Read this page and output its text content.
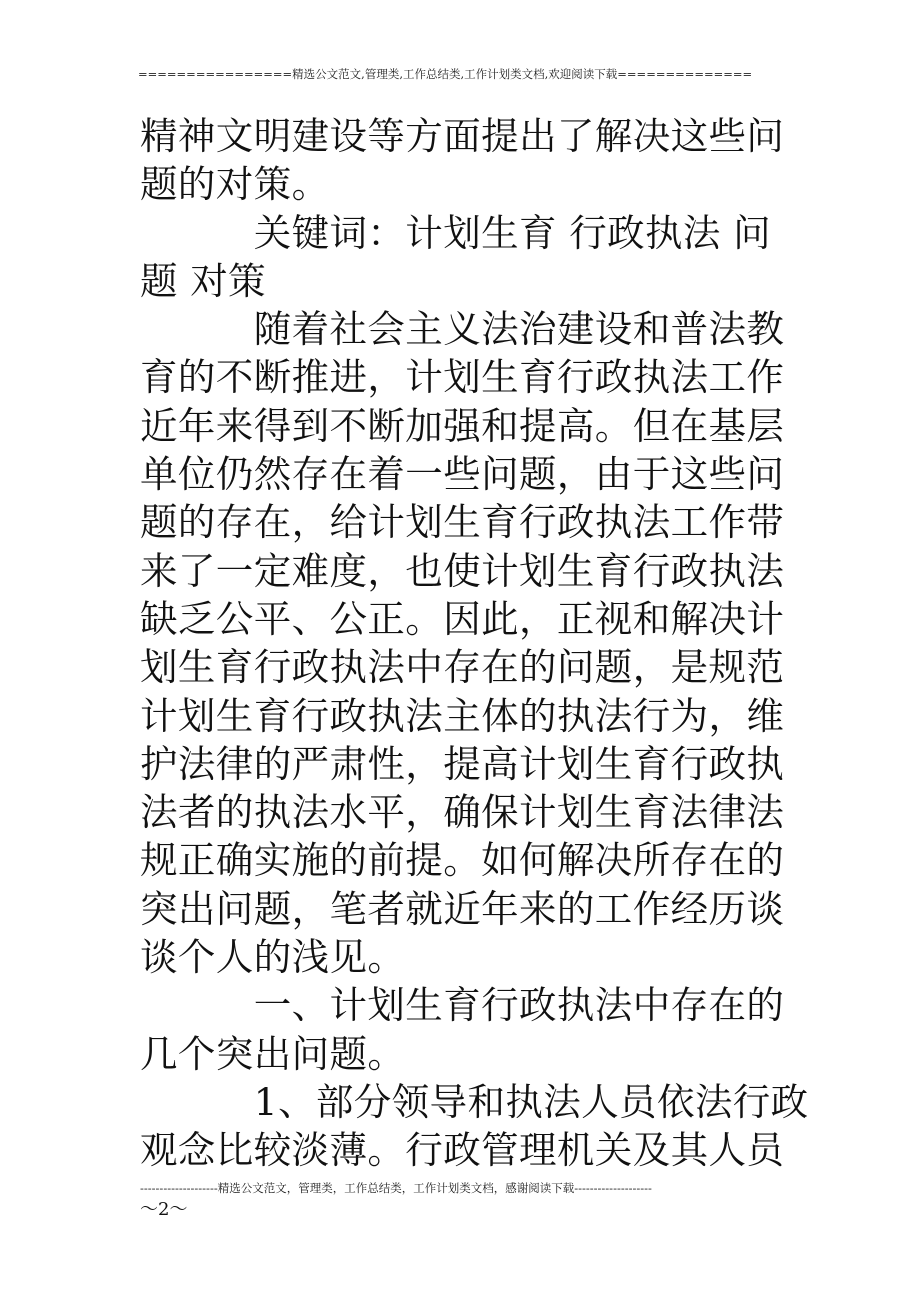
================精选公文范文,管理类,工作总结类,工作计划类文档,欢迎阅读下载==============
精神文明建设等方面提出了解决这些问
题的对策。
　　　关键词：计划生育 行政执法 问
题 对策
　　　随着社会主义法治建设和普法教
育的不断推进，计划生育行政执法工作
近年来得到不断加强和提高。但在基层
单位仍然存在着一些问题，由于这些问
题的存在，给计划生育行政执法工作带
来了一定难度，也使计划生育行政执法
缺乏公平、公正。因此，正视和解决计
划生育行政执法中存在的问题，是规范
计划生育行政执法主体的执法行为，维
护法律的严肃性，提高计划生育行政执
法者的执法水平，确保计划生育法律法
规正确实施的前提。如何解决所存在的
突出问题，笔者就近年来的工作经历谈
谈个人的浅见。
　　　一、计划生育行政执法中存在的
几个突出问题。
　　　1、部分领导和执法人员依法行政
观念比较淡薄。行政管理机关及其人员
--------------------精选公文范文，管理类，工作总结类，工作计划类文档，感谢阅读下载--------------------
～2～
